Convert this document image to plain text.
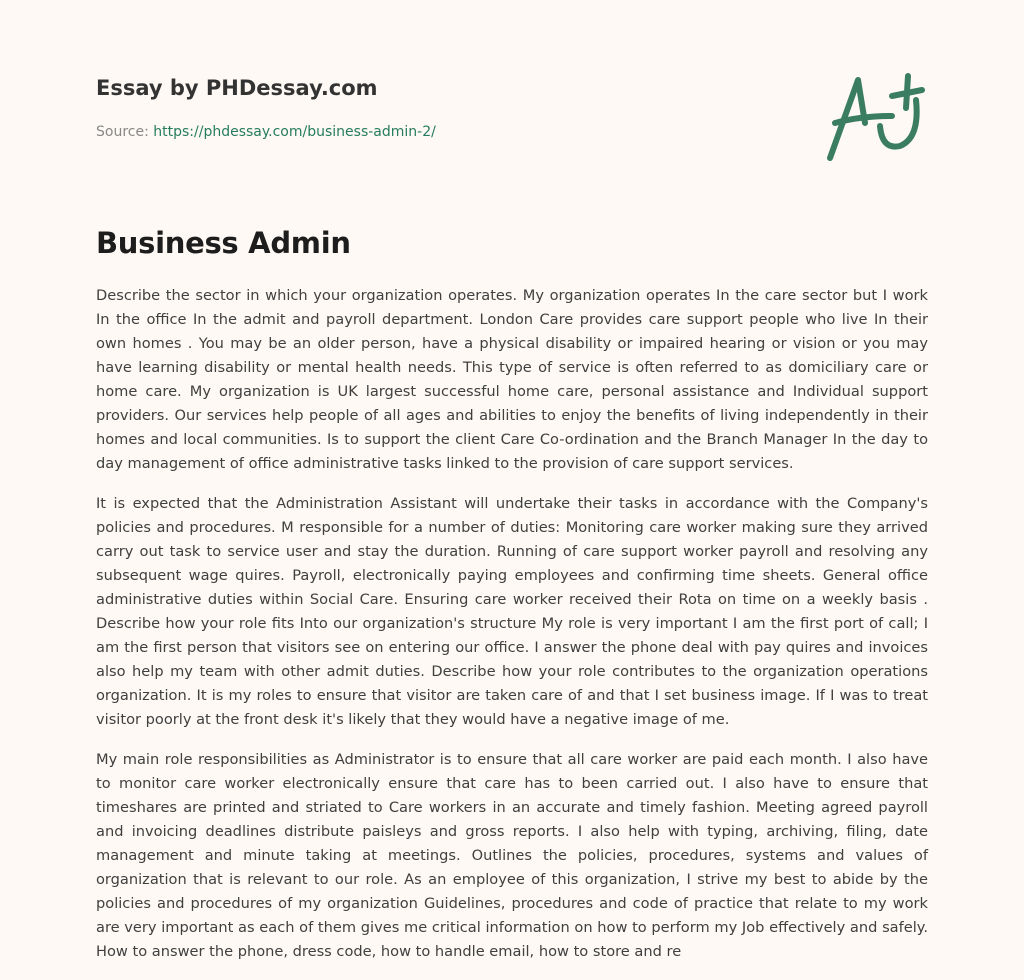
Essay by PHDessay.com
Source: https://phdessay.com/business-admin-2/
Business Admin

Describe the sector in which your organization operates. My organization operates In the care sector but I work In the office In the admit and payroll department. London Care provides care support people who live In their own homes . You may be an older person, have a physical disability or impaired hearing or vision or you may have learning disability or mental health needs. This type of service is often referred to as domiciliary care or home care. My organization is UK largest successful home care, personal assistance and Individual support providers. Our services help people of all ages and abilities to enjoy the benefits of living independently in their homes and local communities. Is to support the client Care Co-ordination and the Branch Manager In the day to day management of office administrative tasks linked to the provision of care support services.

It is expected that the Administration Assistant will undertake their tasks in accordance with the Company's policies and procedures. M responsible for a number of duties: Monitoring care worker making sure they arrived carry out task to service user and stay the duration. Running of care support worker payroll and resolving any subsequent wage quires. Payroll, electronically paying employees and confirming time sheets. General office administrative duties within Social Care. Ensuring care worker received their Rota on time on a weekly basis . Describe how your role fits Into our organization's structure My role is very important I am the first port of call; I am the first person that visitors see on entering our office. I answer the phone deal with pay quires and invoices also help my team with other admit duties. Describe how your role contributes to the organization operations organization. It is my roles to ensure that visitor are taken care of and that I set business image. If I was to treat visitor poorly at the front desk it's likely that they would have a negative image of me.

My main role responsibilities as Administrator is to ensure that all care worker are paid each month. I also have to monitor care worker electronically ensure that care has to been carried out. I also have to ensure that timeshares are printed and striated to Care workers in an accurate and timely fashion. Meeting agreed payroll and invoicing deadlines distribute paisleys and gross reports. I also help with typing, archiving, filing, date management and minute taking at meetings. Outlines the policies, procedures, systems and values of organization that is relevant to our role. As an employee of this organization, I strive my best to abide by the policies and procedures of my organization Guidelines, procedures and code of practice that relate to my work are very important as each of them gives me critical information on how to perform my Job effectively and safely. How to answer the phone, dress code, how to handle email, how to store and re
